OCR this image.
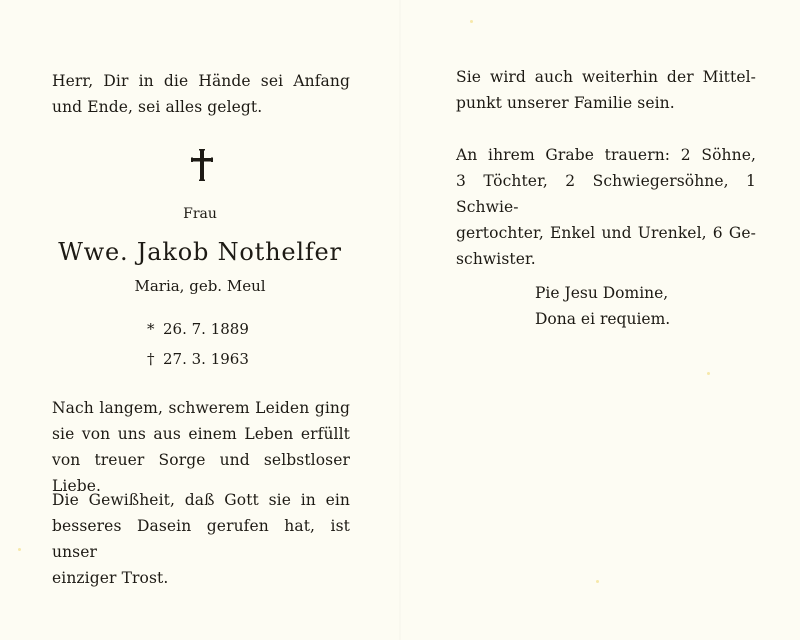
Herr, Dir in die Hände sei Anfang
und Ende, sei alles gelegt.
Frau
Wwe. Jakob Nothelfer
Maria, geb. Meul
* 26. 7. 1889
† 27. 3. 1963
Nach langem, schwerem Leiden ging
sie von uns aus einem Leben erfüllt
von treuer Sorge und selbstloser Liebe.
Die Gewißheit, daß Gott sie in ein
besseres Dasein gerufen hat, ist unser
einziger Trost.
Sie wird auch weiterhin der Mittel-
punkt unserer Familie sein.
An ihrem Grabe trauern: 2 Söhne,
3 Töchter, 2 Schwiegersöhne, 1 Schwie-
gertochter, Enkel und Urenkel, 6 Ge-
schwister.
Pie Jesu Domine,
Dona ei requiem.
